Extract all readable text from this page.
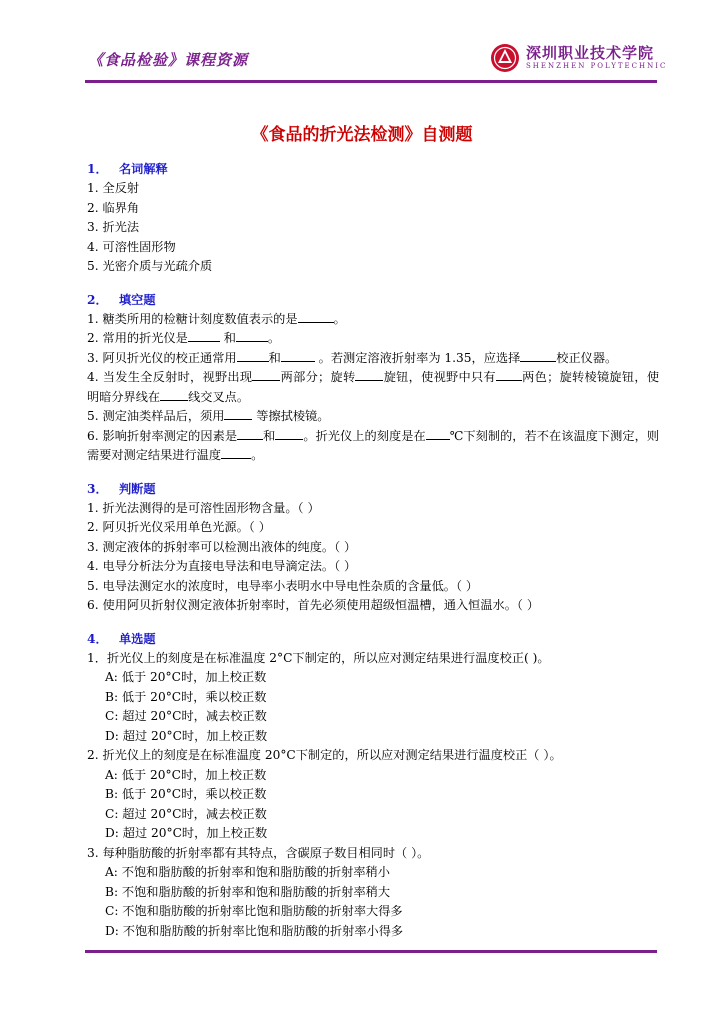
《食品检验》课程资源	深圳职业技术学院
SHENZHEN POLYTECHNIC
《食品的折光法检测》自测题
1． 名词解释
1. 全反射
2. 临界角
3. 折光法
4. 可溶性固形物
5. 光密介质与光疏介质
2． 填空题
1. 糖类所用的检糖计刻度数值表示的是	。
2. 常用的折光仪是	和	。
3. 阿贝折光仪的校正通常用	和	。若测定溶液折射率为 1.35，应选择	校正仪器。
4. 当发生全反射时，视野出现 两部分；旋转 旋钮，使视野中只有 两色；旋转棱镜旋钮，使明暗分界线在 线交叉点。
5. 测定油类样品后，须用 等擦拭棱镜。
6. 影响折射率测定的因素是 和 。折光仪上的刻度是在 ℃下刻制的，若不在该温度下测定，则需要对测定结果进行温度 。
3． 判断题
1. 折光法测得的是可溶性固形物含量。（ ）
2. 阿贝折光仪采用单色光源。（ ）
3. 测定液体的拆射率可以检测出液体的纯度。（ ）
4. 电导分析法分为直接电导法和电导滴定法。（ ）
5. 电导法测定水的浓度时，电导率小表明水中导电性杂质的含量低。（ ）
6. 使用阿贝折射仪测定液体折射率时，首先必须使用超级恒温槽，通入恒温水。（ ）
4． 单选题
1．折光仪上的刻度是在标准温度 2°C下制定的，所以应对测定结果进行温度校正( )。
A: 低于 20°C时，加上校正数
B: 低于 20°C时，乘以校正数
C: 超过 20°C时，减去校正数
D: 超过 20°C时，加上校正数
2. 折光仪上的刻度是在标准温度 20°C下制定的，所以应对测定结果进行温度校正（ ）。
A: 低于 20°C时，加上校正数
B: 低于 20°C时，乘以校正数
C: 超过 20°C时，减去校正数
D: 超过 20°C时，加上校正数
3. 每种脂肪酸的折射率都有其特点，含碳原子数目相同时（ ）。
A: 不饱和脂肪酸的折射率和饱和脂肪酸的折射率稍小
B: 不饱和脂肪酸的折射率和饱和脂肪酸的折射率稍大
C: 不饱和脂肪酸的折射率比饱和脂肪酸的折射率大得多
D: 不饱和脂肪酸的折射率比饱和脂肪酸的折射率小得多
